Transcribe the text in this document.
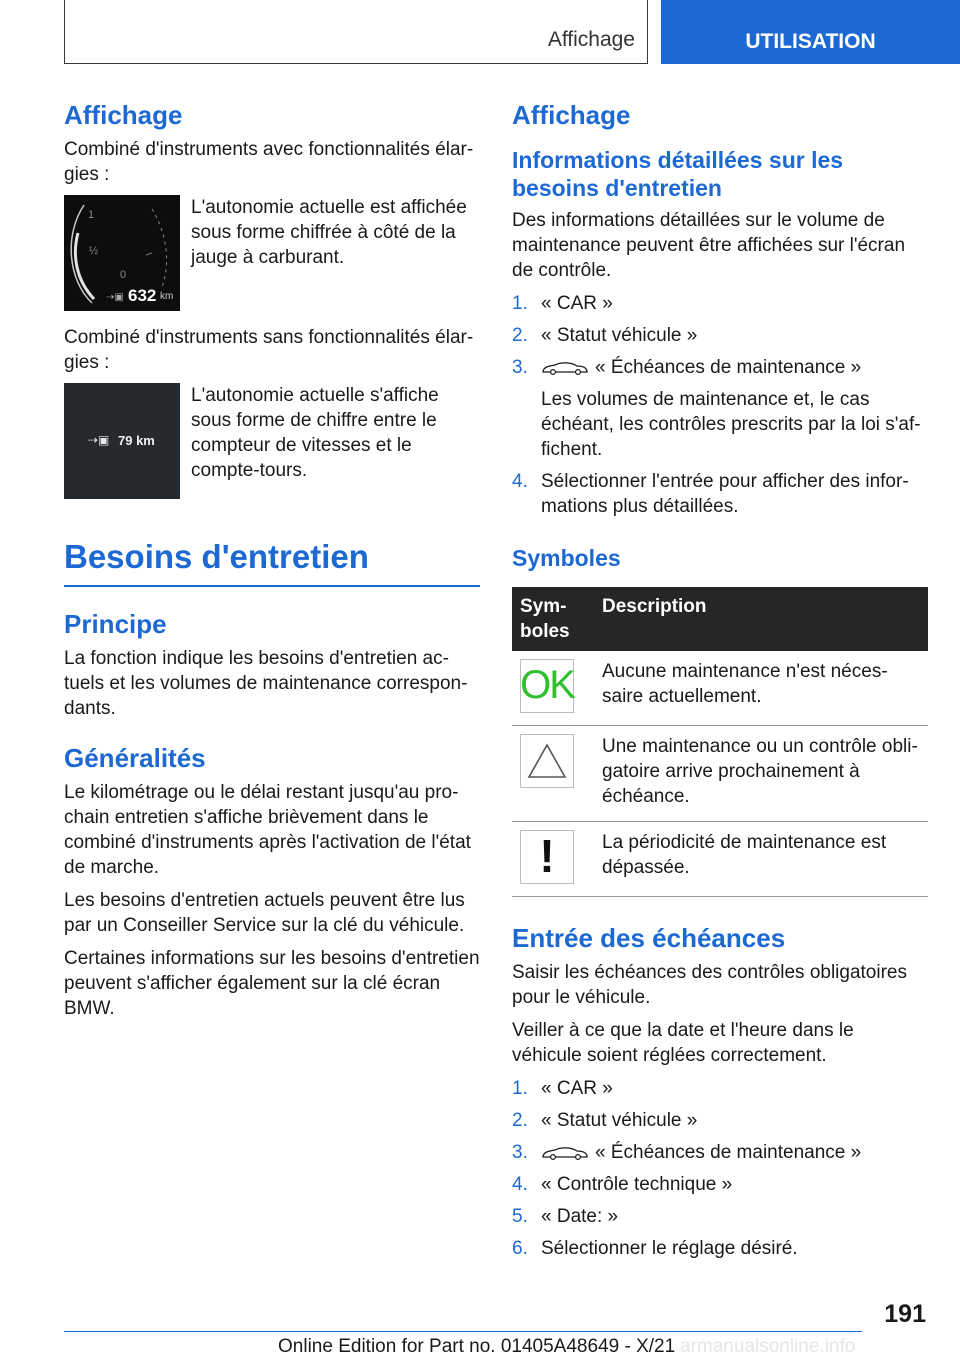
Affichage	UTILISATION
Affichage

Combiné d'instruments avec fonctionnalités élargies :

1
½
0
⇢▣ 632 km

L'autonomie actuelle est affichée sous forme chiffrée à côté de la jauge à carburant.

Combiné d'instruments sans fonctionnalités élargies :

⇢▣ 79 km

L'autonomie actuelle s'affiche sous forme de chiffre entre le compteur de vitesses et le compte-tours.

Besoins d'entretien
Principe

La fonction indique les besoins d'entretien actuels et les volumes de maintenance correspondants.

Généralités

Le kilométrage ou le délai restant jusqu'au prochain entretien s'affiche brièvement dans le combiné d'instruments après l'activation de l'état de marche.

Les besoins d'entretien actuels peuvent être lus par un Conseiller Service sur la clé du véhicule.

Certaines informations sur les besoins d'entretien peuvent s'afficher également sur la clé écran BMW.

Affichage
Informations détaillées sur les besoins d'entretien

Des informations détaillées sur le volume de maintenance peuvent être affichées sur l'écran de contrôle.

1. « CAR »
2. « Statut véhicule »
3.	« Échéances de maintenance »
Les volumes de maintenance et, le cas échéant, les contrôles prescrits par la loi s'affichent.
4. Sélectionner l'entrée pour afficher des informations plus détaillées.
Symboles
Symboles	Description

OK	Aucune maintenance n'est nécessaire actuellement.

	Une maintenance ou un contrôle obligatoire arrive prochainement à échéance.

!	La périodicité de maintenance est dépassée.
Entrée des échéances

Saisir les échéances des contrôles obligatoires pour le véhicule.

Veiller à ce que la date et l'heure dans le véhicule soient réglées correctement.

1. « CAR »
2. « Statut véhicule »
3.	« Échéances de maintenance »
4. « Contrôle technique »
5. « Date: »
6. Sélectionner le réglage désiré.
191
Online Edition for Part no. 01405A48649 - X/21 armanualsonline.info
